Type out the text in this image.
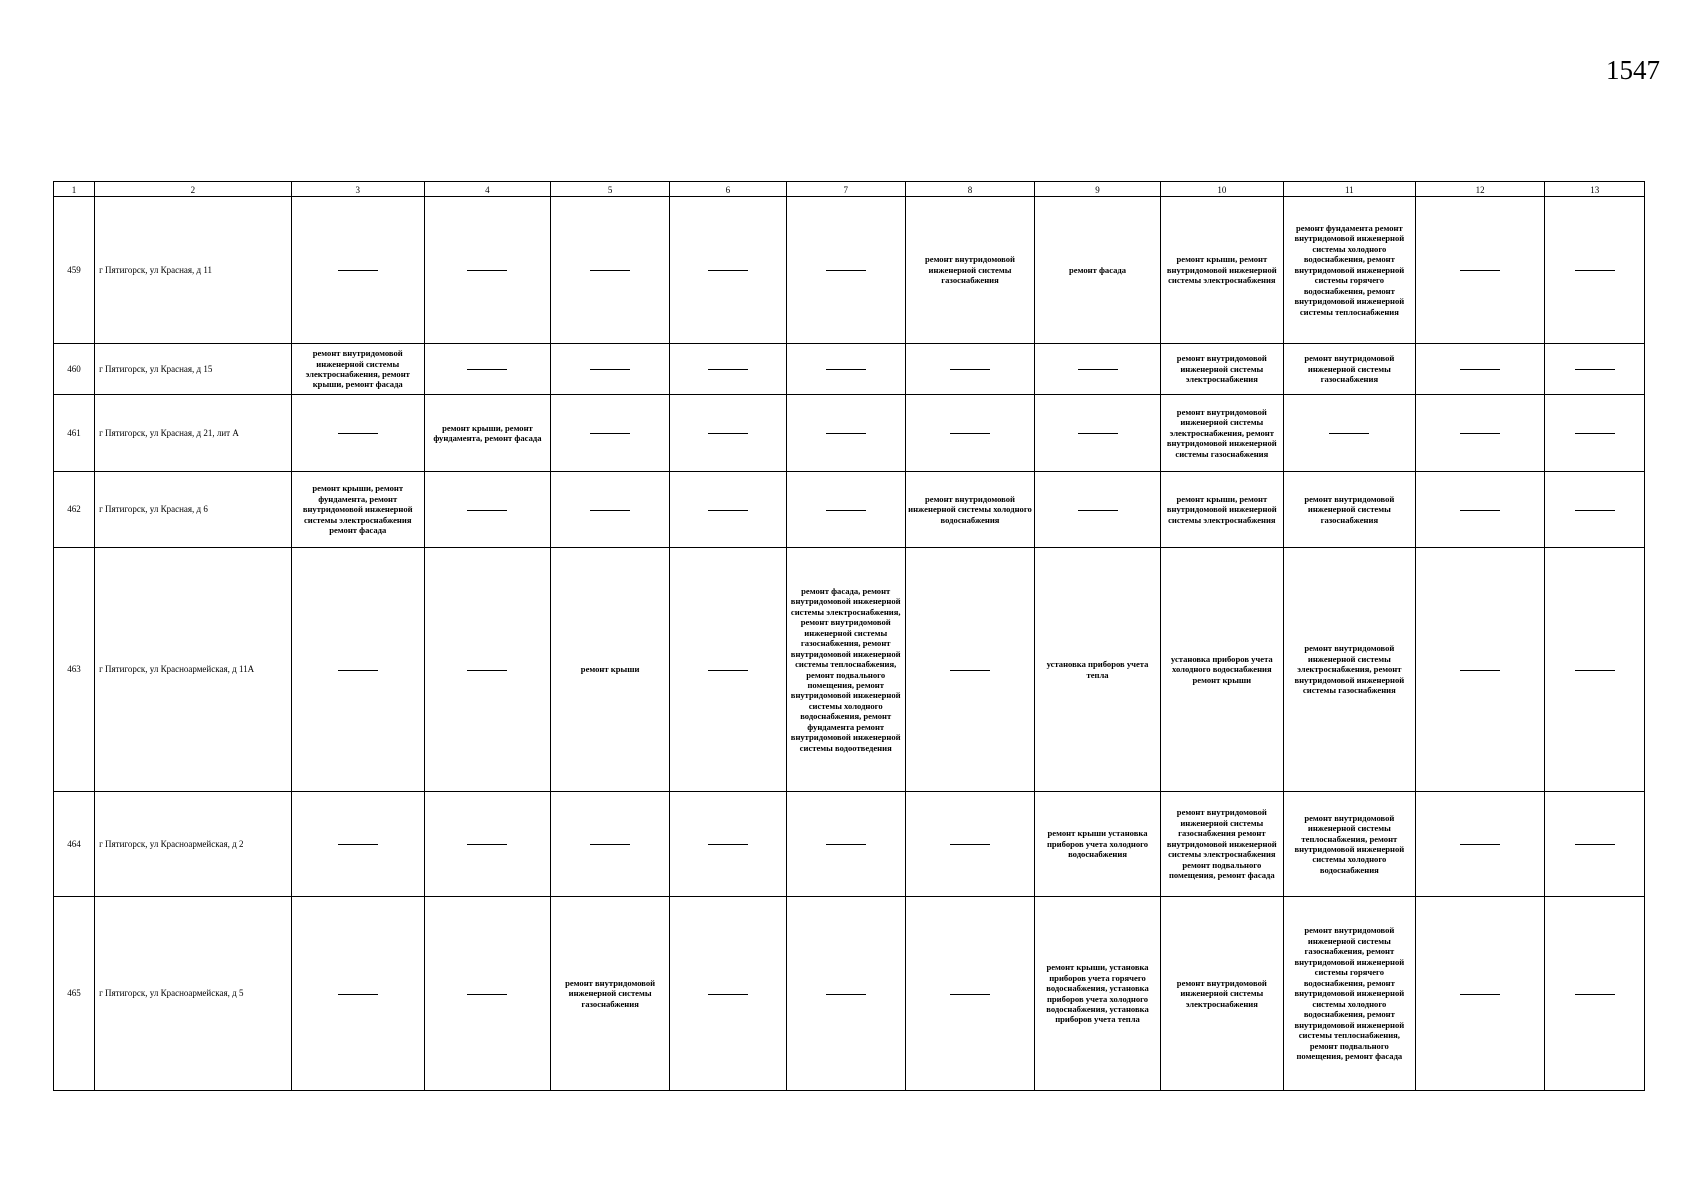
1547
1	2	3	4	5	6	7	8	9	10	11	12	13
459	г Пятигорск, ул Красная, д 11						ремонт внутридомовой инженерной системы газоснабжения	ремонт фасада	ремонт крыши, ремонт внутридомовой инженерной системы электроснабжения	ремонт фундамента ремонт внутридомовой инженерной системы холодного водоснабжения, ремонт внутридомовой инженерной системы горячего водоснабжения, ремонт внутридомовой инженерной системы теплоснабжения		
460	г Пятигорск, ул Красная, д 15	ремонт внутридомовой инженерной системы электроснабжения, ремонт крыши, ремонт фасада							ремонт внутридомовой инженерной системы электроснабжения	ремонт внутридомовой инженерной системы газоснабжения		
461	г Пятигорск, ул Красная, д 21, лит А		ремонт крыши, ремонт фундамента, ремонт фасада						ремонт внутридомовой инженерной системы электроснабжения, ремонт внутридомовой инженерной системы газоснабжения			
462	г Пятигорск, ул Красная, д 6	ремонт крыши, ремонт фундамента, ремонт внутридомовой инженерной системы электроснабжения ремонт фасада					ремонт внутридомовой инженерной системы холодного водоснабжения		ремонт крыши, ремонт внутридомовой инженерной системы электроснабжения	ремонт внутридомовой инженерной системы газоснабжения		
463	г Пятигорск, ул Красноармейская, д 11А			ремонт крыши		ремонт фасада, ремонт внутридомовой инженерной системы электроснабжения, ремонт внутридомовой инженерной системы газоснабжения, ремонт внутридомовой инженерной системы теплоснабжения, ремонт подвального помещения, ремонт внутридомовой инженерной системы холодного водоснабжения, ремонт фундамента ремонт внутридомовой инженерной системы водоотведения		установка приборов учета тепла	установка приборов учета холодного водоснабжения ремонт крыши	ремонт внутридомовой инженерной системы электроснабжения, ремонт внутридомовой инженерной системы газоснабжения		
464	г Пятигорск, ул Красноармейская, д 2							ремонт крыши установка приборов учета холодного водоснабжения	ремонт внутридомовой инженерной системы газоснабжения ремонт внутридомовой инженерной системы электроснабжения ремонт подвального помещения, ремонт фасада	ремонт внутридомовой инженерной системы теплоснабжения, ремонт внутридомовой инженерной системы холодного водоснабжения		
465	г Пятигорск, ул Красноармейская, д 5			ремонт внутридомовой инженерной системы газоснабжения				ремонт крыши, установка приборов учета горячего водоснабжения, установка приборов учета холодного водоснабжения, установка приборов учета тепла	ремонт внутридомовой инженерной системы электроснабжения	ремонт внутридомовой инженерной системы газоснабжения, ремонт внутридомовой инженерной системы горячего водоснабжения, ремонт внутридомовой инженерной системы холодного водоснабжения, ремонт внутридомовой инженерной системы теплоснабжения, ремонт подвального помещения, ремонт фасада		
